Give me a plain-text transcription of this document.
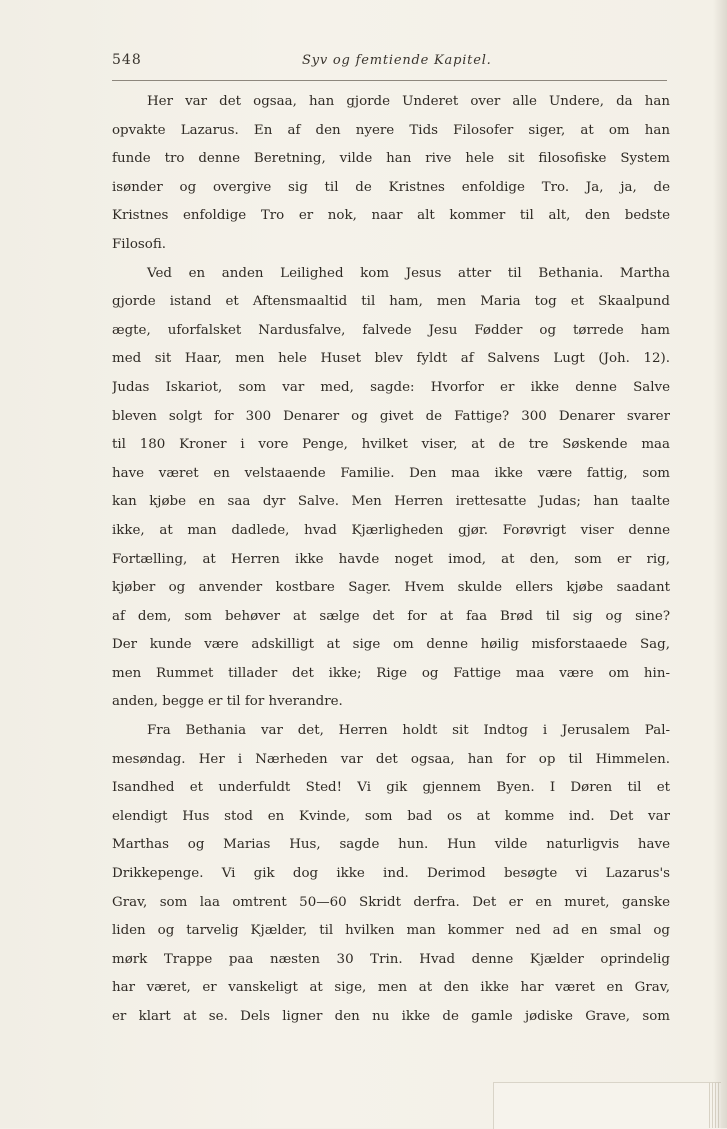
548	Syv og femtiende Kapitel.
Her var det ogsaa, han gjorde Underet over alle Undere, da han
opvakte Lazarus. En af den nyere Tids Filosofer siger, at om han
funde tro denne Beretning, vilde han rive hele sit filosofiske System
isønder og overgive sig til de Kristnes enfoldige Tro. Ja, ja, de
Kristnes enfoldige Tro er nok, naar alt kommer til alt, den bedste
Filosofi.
Ved en anden Leilighed kom Jesus atter til Bethania. Martha
gjorde istand et Aftensmaaltid til ham, men Maria tog et Skaalpund
ægte, uforfalsket Nardusfalve, falvede Jesu Fødder og tørrede ham
med sit Haar, men hele Huset blev fyldt af Salvens Lugt (Joh. 12).
Judas Iskariot, som var med, sagde: Hvorfor er ikke denne Salve
bleven solgt for 300 Denarer og givet de Fattige? 300 Denarer svarer
til 180 Kroner i vore Penge, hvilket viser, at de tre Søskende maa
have været en velstaaende Familie. Den maa ikke være fattig, som
kan kjøbe en saa dyr Salve. Men Herren irettesatte Judas; han taalte
ikke, at man dadlede, hvad Kjærligheden gjør. Forøvrigt viser denne
Fortælling, at Herren ikke havde noget imod, at den, som er rig,
kjøber og anvender kostbare Sager. Hvem skulde ellers kjøbe saadant
af dem, som behøver at sælge det for at faa Brød til sig og sine?
Der kunde være adskilligt at sige om denne høilig misforstaaede Sag,
men Rummet tillader det ikke; Rige og Fattige maa være om hin-
anden, begge er til for hverandre.
Fra Bethania var det, Herren holdt sit Indtog i Jerusalem Pal-
mesøndag. Her i Nærheden var det ogsaa, han for op til Himmelen.
Isandhed et underfuldt Sted! Vi gik gjennem Byen. I Døren til et
elendigt Hus stod en Kvinde, som bad os at komme ind. Det var
Marthas og Marias Hus, sagde hun. Hun vilde naturligvis have
Drikkepenge. Vi gik dog ikke ind. Derimod besøgte vi Lazarus's
Grav, som laa omtrent 50—60 Skridt derfra. Det er en muret, ganske
liden og tarvelig Kjælder, til hvilken man kommer ned ad en smal og
mørk Trappe paa næsten 30 Trin. Hvad denne Kjælder oprindelig
har været, er vanskeligt at sige, men at den ikke har været en Grav,
er klart at se. Dels ligner den nu ikke de gamle jødiske Grave, som
